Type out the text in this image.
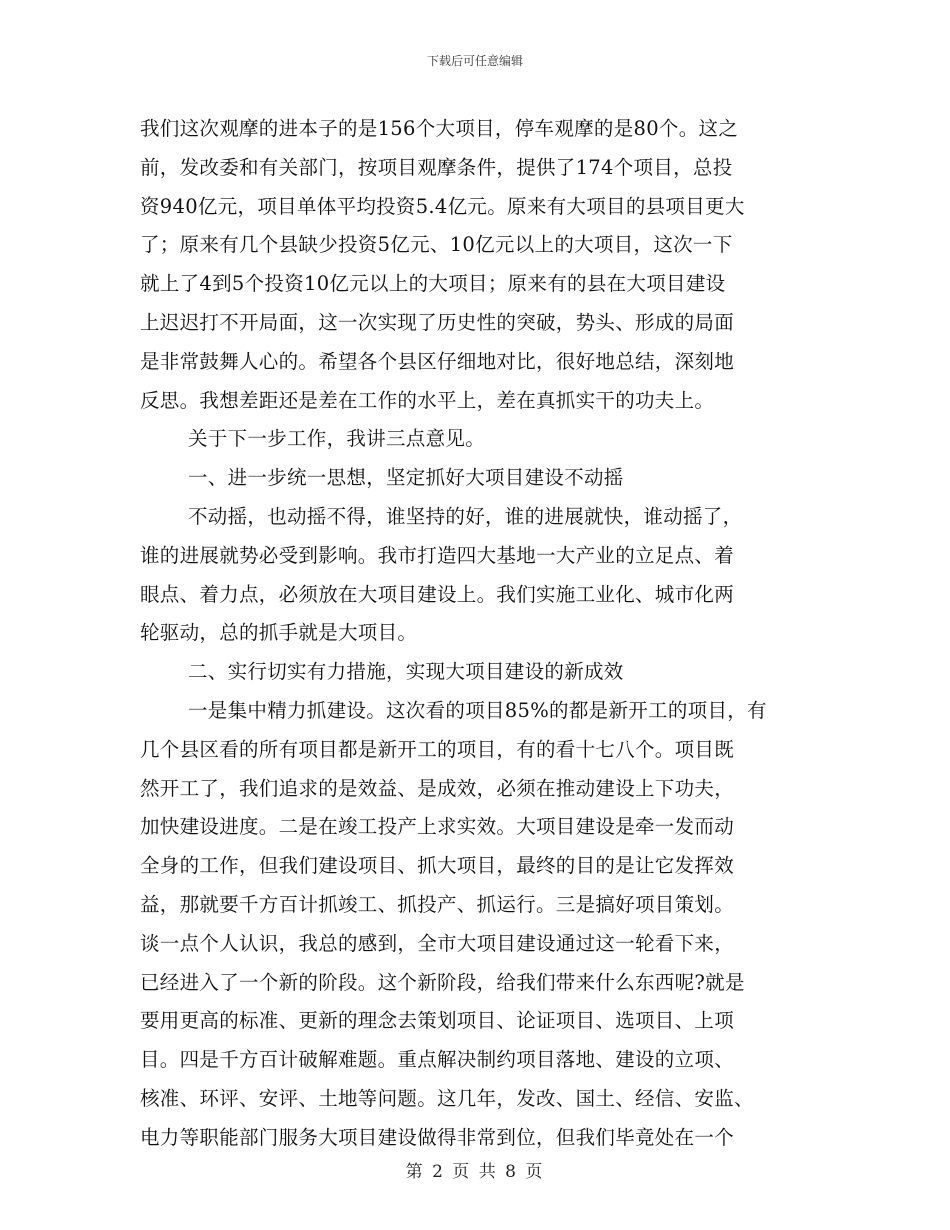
下载后可任意编辑
我们这次观摩的进本子的是156个大项目，停车观摩的是80个。这之
前，发改委和有关部门，按项目观摩条件，提供了174个项目，总投
资940亿元，项目单体平均投资5.4亿元。原来有大项目的县项目更大
了；原来有几个县缺少投资5亿元、10亿元以上的大项目，这次一下
就上了4到5个投资10亿元以上的大项目；原来有的县在大项目建设
上迟迟打不开局面，这一次实现了历史性的突破，势头、形成的局面
是非常鼓舞人心的。希望各个县区仔细地对比，很好地总结，深刻地
反思。我想差距还是差在工作的水平上，差在真抓实干的功夫上。
关于下一步工作，我讲三点意见。
一、进一步统一思想，坚定抓好大项目建设不动摇
不动摇，也动摇不得，谁坚持的好，谁的进展就快，谁动摇了，
谁的进展就势必受到影响。我市打造四大基地一大产业的立足点、着
眼点、着力点，必须放在大项目建设上。我们实施工业化、城市化两
轮驱动，总的抓手就是大项目。
二、实行切实有力措施，实现大项目建设的新成效
一是集中精力抓建设。这次看的项目85%的都是新开工的项目，有
几个县区看的所有项目都是新开工的项目，有的看十七八个。项目既
然开工了，我们追求的是效益、是成效，必须在推动建设上下功夫，
加快建设进度。二是在竣工投产上求实效。大项目建设是牵一发而动
全身的工作，但我们建设项目、抓大项目，最终的目的是让它发挥效
益，那就要千方百计抓竣工、抓投产、抓运行。三是搞好项目策划。
谈一点个人认识，我总的感到，全市大项目建设通过这一轮看下来，
已经进入了一个新的阶段。这个新阶段，给我们带来什么东西呢?就是
要用更高的标准、更新的理念去策划项目、论证项目、选项目、上项
目。四是千方百计破解难题。重点解决制约项目落地、建设的立项、
核准、环评、安评、土地等问题。这几年，发改、国土、经信、安监、
电力等职能部门服务大项目建设做得非常到位，但我们毕竟处在一个
第 2 页 共 8 页
